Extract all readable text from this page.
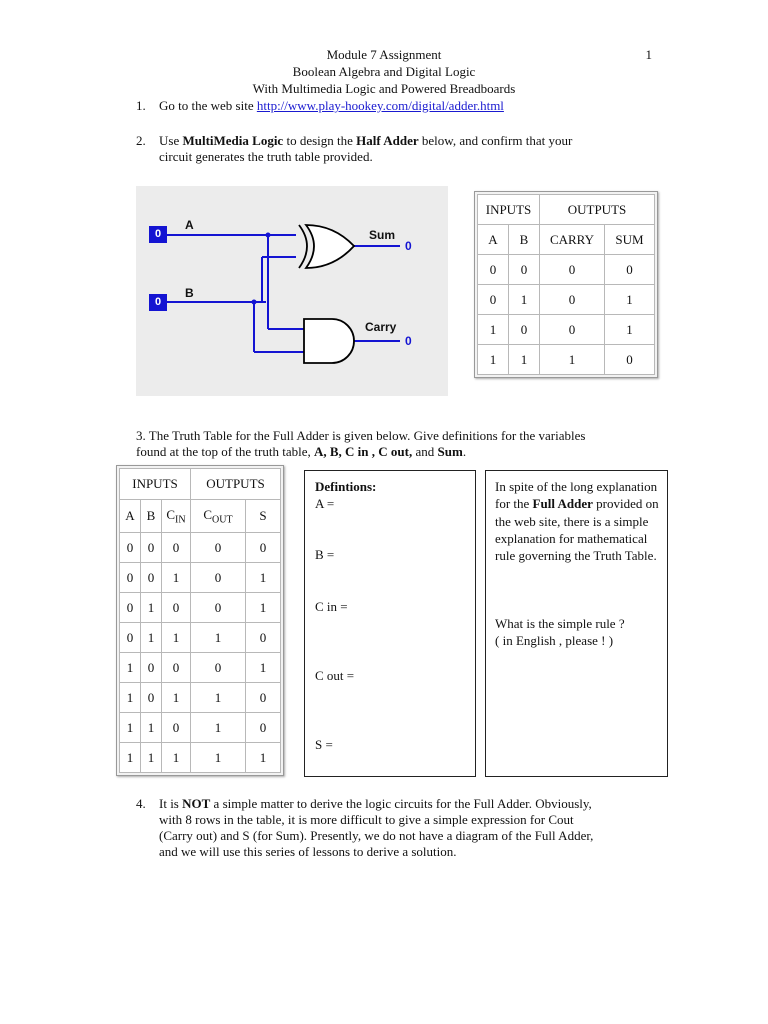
Module 7 Assignment	1
Boolean Algebra and Digital Logic
With Multimedia Logic and Powered Breadboards
1. Go to the web site http://www.play-hookey.com/digital/adder.html
2. Use MultiMedia Logic to design the Half Adder below, and confirm that your
circuit generates the truth table provided.
0
0
A
B
Sum
0
Carry
0
INPUTS		OUTPUTS	
A	B	CARRY	SUM
0	0	0	0
0	1	0	1
1	0	0	1
1	1	1	0
3. The Truth Table for the Full Adder is given below. Give definitions for the variables
found at the top of the truth table, A, B, C in , C out, and Sum.
INPUTS			OUTPUTS	
A	B	$C_{IN}$	$C_{OUT}$	S
0	0	0	0	0
0	0	1	0	1
0	1	0	0	1
0	1	1	1	0
1	0	0	0	1
1	0	1	1	0
1	1	0	1	0
1	1	1	1	1
Defintions:
A =
B =
C in =
C out =
S =
In spite of the long explanation for the Full Adder provided on the web site, there is a simple explanation for mathematical rule governing the Truth Table.
What is the simple rule ?
( in English , please ! )
4. It is NOT a simple matter to derive the logic circuits for the Full Adder. Obviously,
with 8 rows in the table, it is more difficult to give a simple expression for Cout
(Carry out) and S (for Sum). Presently, we do not have a diagram of the Full Adder,
and we will use this series of lessons to derive a solution.
